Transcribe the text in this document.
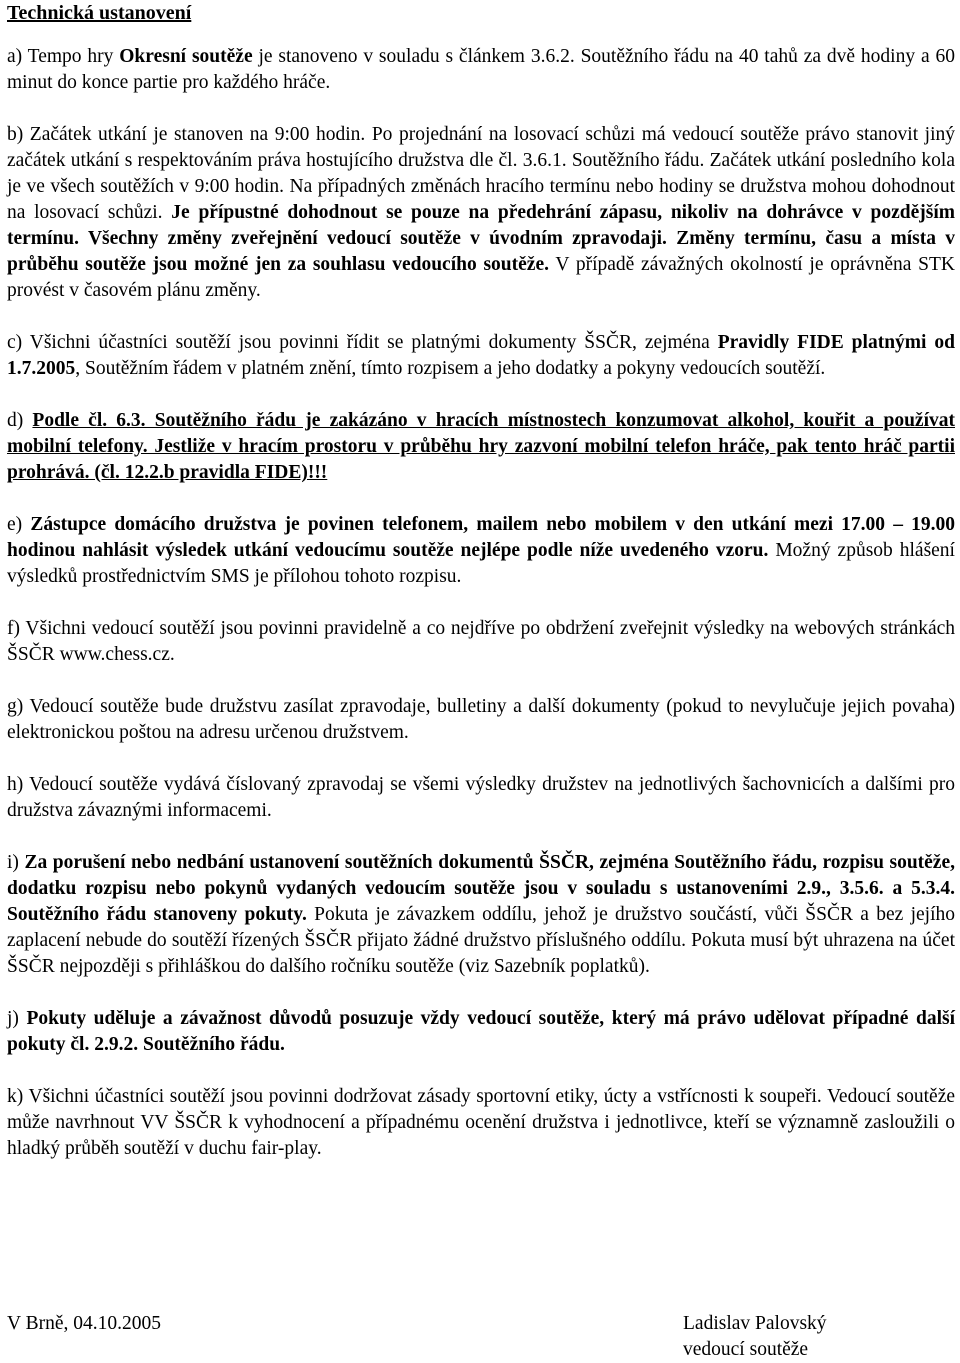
Technická ustanovení

a) Tempo hry Okresní soutěže je stanoveno v souladu s článkem 3.6.2. Soutěžního řádu na 40 tahů za dvě hodiny a 60 minut do konce partie pro každého hráče.

b) Začátek utkání je stanoven na 9:00 hodin. Po projednání na losovací schůzi má vedoucí soutěže právo stanovit jiný začátek utkání s respektováním práva hostujícího družstva dle čl. 3.6.1. Soutěžního řádu. Začátek utkání posledního kola je ve všech soutěžích v 9:00 hodin. Na případných změnách hracího termínu nebo hodiny se družstva mohou dohodnout na losovací schůzi. Je přípustné dohodnout se pouze na předehrání zápasu, nikoliv na dohrávce v pozdějším termínu. Všechny změny zveřejnění vedoucí soutěže v úvodním zpravodaji. Změny termínu, času a místa v průběhu soutěže jsou možné jen za souhlasu vedoucího soutěže. V případě závažných okolností je oprávněna STK provést v časovém plánu změny.

c) Všichni účastníci soutěží jsou povinni řídit se platnými dokumenty ŠSČR, zejména Pravidly FIDE platnými od 1.7.2005, Soutěžním řádem v platném znění, tímto rozpisem a jeho dodatky a pokyny vedoucích soutěží.

d) Podle čl. 6.3. Soutěžního řádu je zakázáno v hracích místnostech konzumovat alkohol, kouřit a používat mobilní telefony. Jestliže v hracím prostoru v průběhu hry zazvoní mobilní telefon hráče, pak tento hráč partii prohrává. (čl. 12.2.b pravidla FIDE)!!!

e) Zástupce domácího družstva je povinen telefonem, mailem nebo mobilem v den utkání mezi 17.00 – 19.00 hodinou nahlásit výsledek utkání vedoucímu soutěže nejlépe podle níže uvedeného vzoru. Možný způsob hlášení výsledků prostřednictvím SMS je přílohou tohoto rozpisu.

f) Všichni vedoucí soutěží jsou povinni pravidelně a co nejdříve po obdržení zveřejnit výsledky na webových stránkách ŠSČR www.chess.cz.

g) Vedoucí soutěže bude družstvu zasílat zpravodaje, bulletiny a další dokumenty (pokud to nevylučuje jejich povaha) elektronickou poštou na adresu určenou družstvem.

h) Vedoucí soutěže vydává číslovaný zpravodaj se všemi výsledky družstev na jednotlivých šachovnicích a dalšími pro družstva závaznými informacemi.

i) Za porušení nebo nedbání ustanovení soutěžních dokumentů ŠSČR, zejména Soutěžního řádu, rozpisu soutěže, dodatku rozpisu nebo pokynů vydaných vedoucím soutěže jsou v souladu s ustanoveními 2.9., 3.5.6. a 5.3.4. Soutěžního řádu stanoveny pokuty. Pokuta je závazkem oddílu, jehož je družstvo součástí, vůči ŠSČR a bez jejího zaplacení nebude do soutěží řízených ŠSČR přijato žádné družstvo příslušného oddílu. Pokuta musí být uhrazena na účet ŠSČR nejpozději s přihláškou do dalšího ročníku soutěže (viz Sazebník poplatků).

j) Pokuty uděluje a závažnost důvodů posuzuje vždy vedoucí soutěže, který má právo udělovat případné další pokuty čl. 2.9.2. Soutěžního řádu.

k) Všichni účastníci soutěží jsou povinni dodržovat zásady sportovní etiky, úcty a vstřícnosti k soupeři. Vedoucí soutěže může navrhnout VV ŠSČR k vyhodnocení a případnému ocenění družstva i jednotlivce, kteří se významně zasloužili o hladký průběh soutěží v duchu fair-play.

V Brně, 04.10.2005	Ladislav Palovský
vedoucí soutěže
